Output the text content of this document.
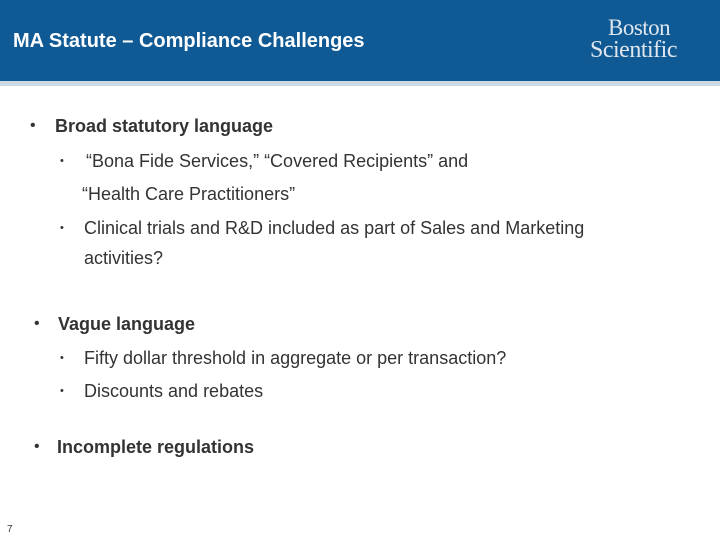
MA Statute – Compliance Challenges
Boston
Scientific
• Broad statutory language
• “Bona Fide Services,” “Covered Recipients” and
“Health Care Practitioners”
• Clinical trials and R&D included as part of Sales and Marketing
activities?
• Vague language
• Fifty dollar threshold in aggregate or per transaction?
• Discounts and rebates
• Incomplete regulations
7
